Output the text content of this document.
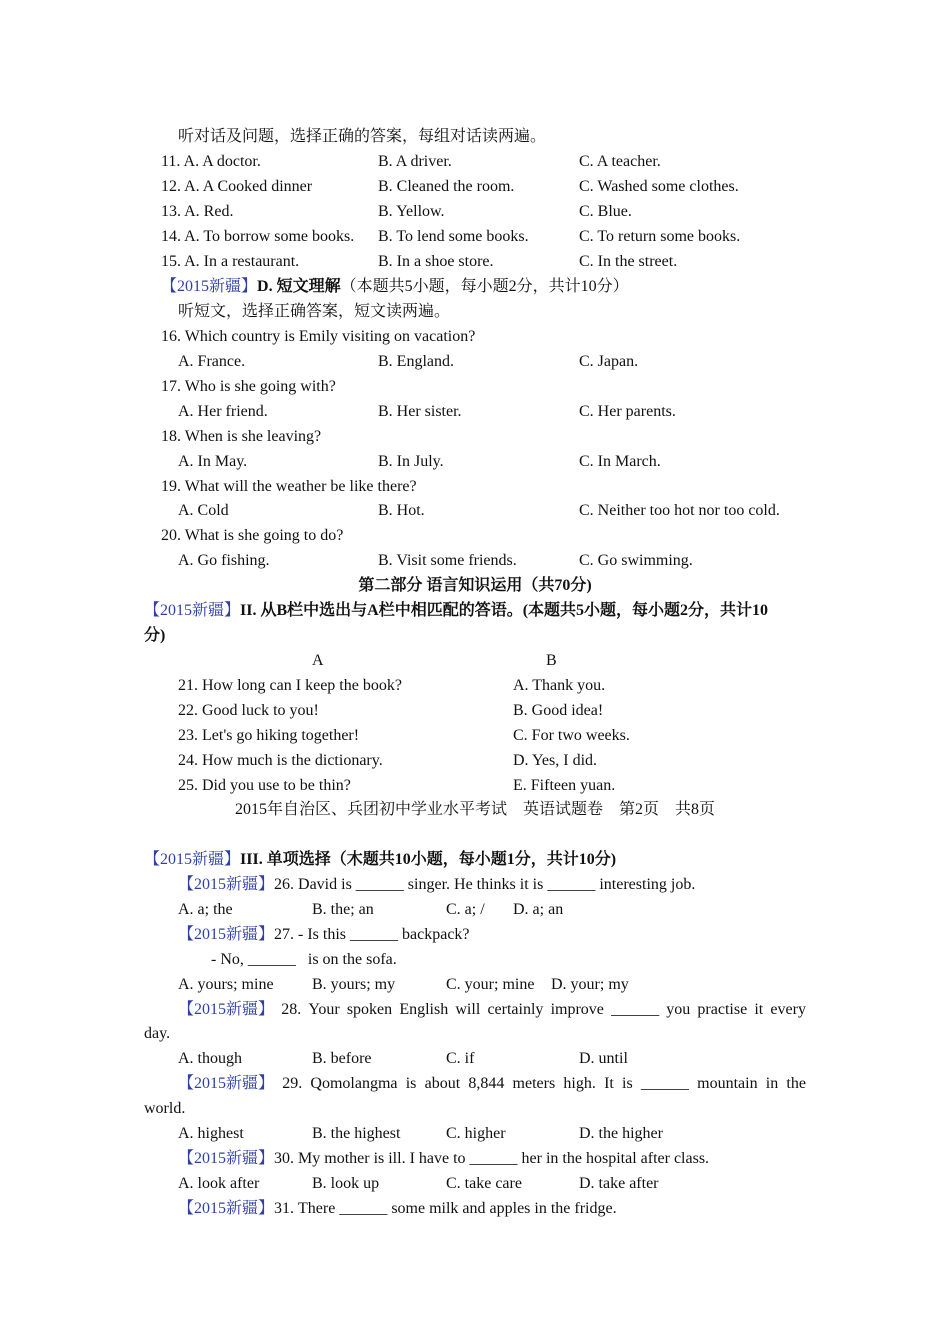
听对话及问题，选择正确的答案，每组对话读两遍。
11. A. A doctor.	B. A driver.	C. A teacher.
12. A. A Cooked dinner	B. Cleaned the room.	C. Washed some clothes.
13. A. Red.	B. Yellow.	C. Blue.
14. A. To borrow some books. B. To lend some books.	C. To return some books.
15. A. In a restaurant.	B. In a shoe store.	C. In the street.
【2015新疆】D. 短文理解（本题共5小题，每小题2分，共计10分）
听短文，选择正确答案，短文读两遍。
16. Which country is Emily visiting on vacation?
A. France.	B. England.	C. Japan.
17. Who is she going with?
A. Her friend.	B. Her sister.	C. Her parents.
18. When is she leaving?
A. In May.	B. In July.	C. In March.
19. What will the weather be like there?
A. Cold	B. Hot.	C. Neither too hot nor too cold.
20. What is she going to do?
A. Go fishing.	B. Visit some friends.	C. Go swimming.
第二部分 语言知识运用（共70分)
【2015新疆】II. 从B栏中选出与A栏中相匹配的答语。(本题共5小题，每小题2分，共计10
分)
A	B
21. How long can I keep the book?	A. Thank you.
22. Good luck to you!	B. Good idea!
23. Let's go hiking together!	C. For two weeks.
24. How much is the dictionary.	D. Yes, I did.
25. Did you use to be thin?	E. Fifteen yuan.
2015年自治区、兵团初中学业水平考试　英语试题卷　第2页　共8页
【2015新疆】III. 单项选择（木题共10小题，每小题1分，共计10分)
【2015新疆】26. David is ______ singer. He thinks it is ______ interesting job.
A. a; the	B. the; an	C. a; / D. a; an
【2015新疆】27. - Is this ______ backpack?
- No, ______   is on the sofa.
A. yours; mine B. yours; my	C. your; mine D. your; my
【2015新疆】 28. Your spoken English will certainly improve ______ you practise it every
day.
A. though	B. before	C. if	D. until
【2015新疆】 29. Qomolangma is about 8,844 meters high. It is ______ mountain in the
world.
A. highest	B. the highest	C. higher	D. the higher
【2015新疆】30. My mother is ill. I have to ______ her in the hospital after class.
A. look after	B. look up	C. take care	D. take after
【2015新疆】31. There ______ some milk and apples in the fridge.
